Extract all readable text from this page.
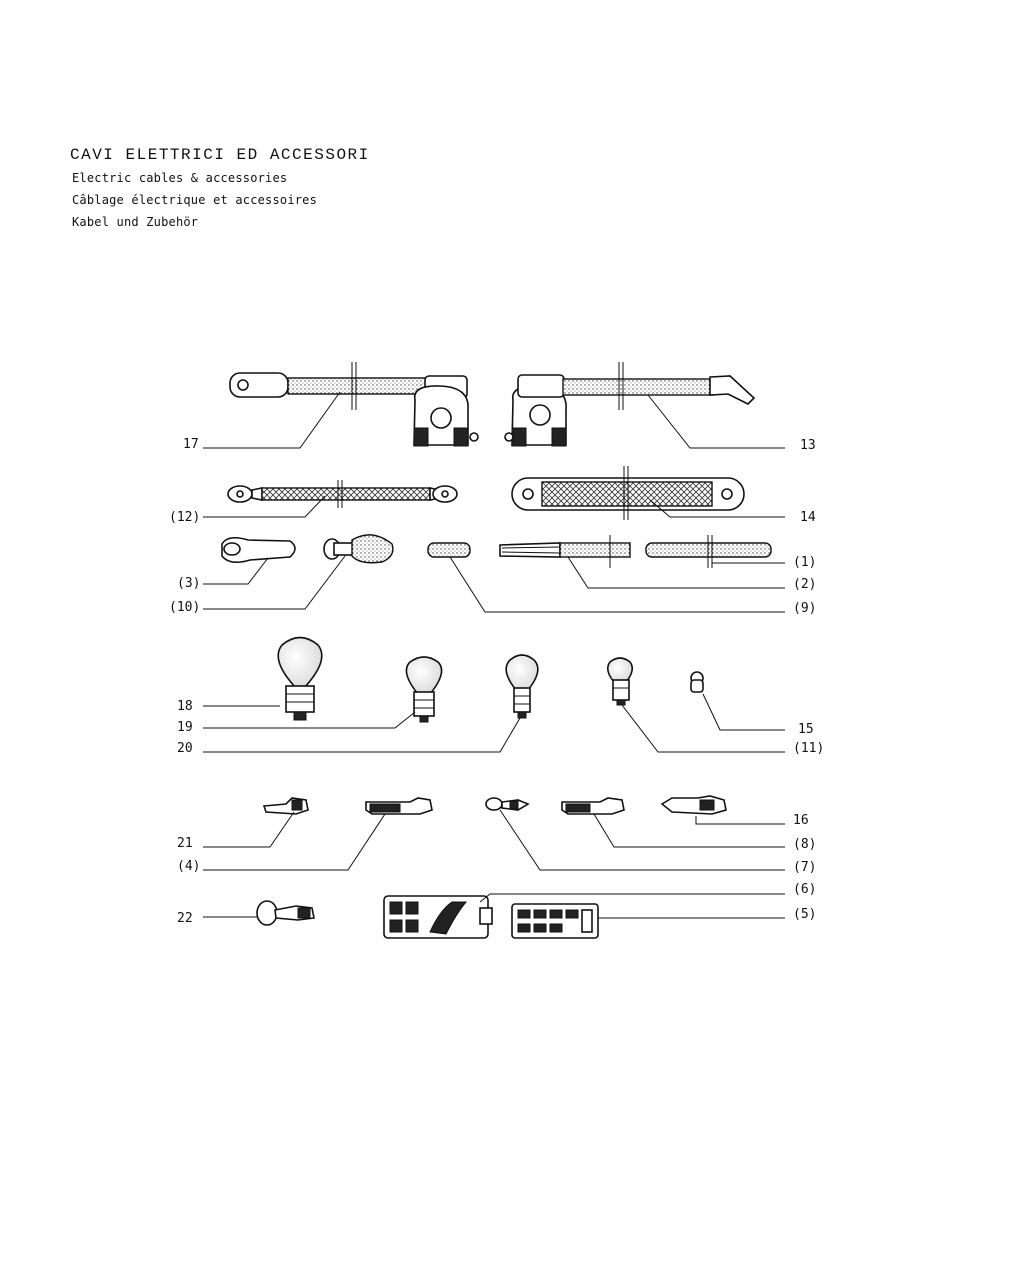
CAVI ELETTRICI ED ACCESSORI

Electric cables & accessories

Câblage électrique et accessoires

Kabel und Zubehör

17	13
(12)	14
(3)
(10)
(1)
(2)
(9)
18
19
20
15
(11)
21
(4)
16
(8)
(7)
(6)
(5)
22
